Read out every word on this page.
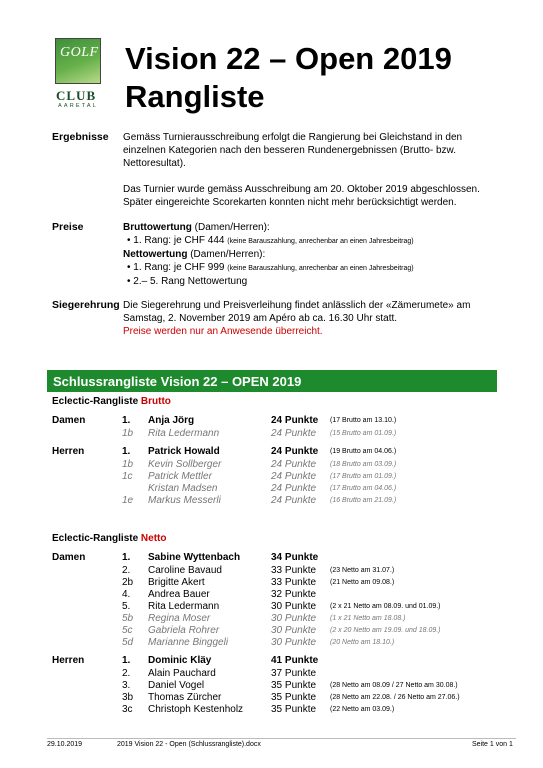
GOLF
CLUB
AARETAL
Vision 22 – Open 2019
Rangliste
Ergebnisse Gemäss Turnierausschreibung erfolgt die Rangierung bei Gleichstand in den
einzelnen Kategorien nach den besseren Rundenergebnissen (Brutto- bzw.
Nettoresultat).
Das Turnier wurde gemäss Ausschreibung am 20. Oktober 2019 abgeschlossen.
Später eingereichte Scorekarten konnten nicht mehr berücksichtigt werden.
Preise	Bruttowertung (Damen/Herren):
• 1. Rang: je CHF 444 (keine Barauszahlung, anrechenbar an einen Jahresbeitrag)
Nettowertung (Damen/Herren):
• 1. Rang: je CHF 999 (keine Barauszahlung, anrechenbar an einen Jahresbeitrag)
• 2.– 5. Rang Nettowertung
Siegerehrung Die Siegerehrung und Preisverleihung findet anlässlich der «Zämerumete» am
Samstag, 2. November 2019 am Apéro ab ca. 16.30 Uhr statt.
Preise werden nur an Anwesende überreicht.
Schlussrangliste Vision 22 – OPEN 2019
Eclectic-Rangliste Brutto
Damen	1. Anja Jörg	24 Punkte (17 Brutto am 13.10.)
1b Rita Ledermann	24 Punkte (15 Brutto am 01.09.)
Herren	1. Patrick Howald	24 Punkte (19 Brutto am 04.06.)
1b Kevin Sollberger	24 Punkte (18 Brutto am 03.09.)
1c Patrick Mettler	24 Punkte (17 Brutto am 01.09.)
Kristan Madsen	24 Punkte (17 Brutto am 04.06.)
1e Markus Messerli	24 Punkte (16 Brutto am 21.09.)
Eclectic-Rangliste Netto
Damen	1. Sabine Wyttenbach	34 Punkte
2. Caroline Bavaud	33 Punkte (23 Netto am 31.07.)
2b Brigitte Akert	33 Punkte (21 Netto am 09.08.)
4. Andrea Bauer	32 Punkte
5. Rita Ledermann	30 Punkte (2 x 21 Netto am 08.09. und 01.09.)
5b Regina Moser	30 Punkte (1 x 21 Netto am 18.08.)
5c Gabriela Rohrer	30 Punkte (2 x 20 Netto am 19.09. und 18.09.)
5d Marianne Binggeli	30 Punkte (20 Netto am 18.10.)
Herren	1. Dominic Kläy	41 Punkte
2. Alain Pauchard	37 Punkte
3. Daniel Vogel	35 Punkte (28 Netto am 08.09 / 27 Netto am 30.08.)
3b Thomas Zürcher	35 Punkte (28 Netto am 22.08. / 26 Netto am 27.06.)
3c Christoph Kestenholz	35 Punkte (22 Netto am 03.09.)
29.10.2019	2019 Vision 22 - Open (Schlussrangliste).docx	Seite 1 von 1
